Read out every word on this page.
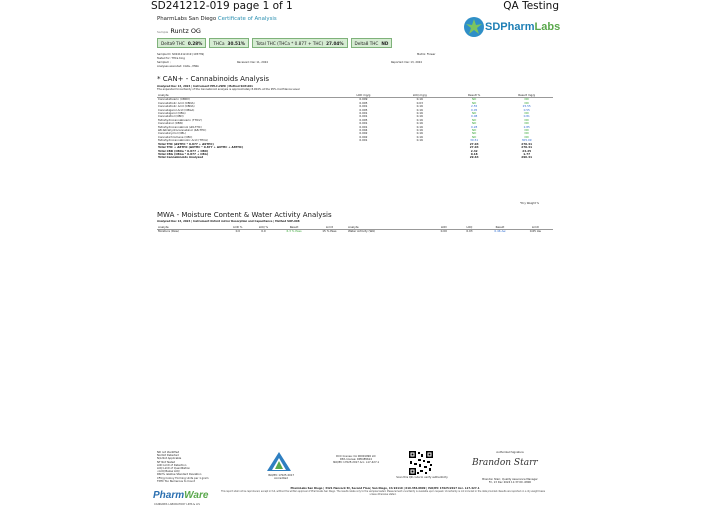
SD241212-019 page 1 of 1	QA Testing
PharmLabs San Diego Certificate of Analysis
Sample Runtz OG
Delta9 THC 0.28%	THCa 30.51%	Total THC (THCa * 0.877 + THC) 27.04%	Delta8 THC ND
SDPharmLabs
Sample ID: SD241212-019 (105739)
Tested for: THCa King
Sampled: ;
Analyses executed: CAN+, MWA
Matrix: Flower
Received: Dec 11, 2024	Reported: Dec 13, 2024
* CAN+ - Cannabinoids Analysis
Analyzed Dec 13, 2024 | Instrument HPLC-VWD | Method SOP-001
The expanded Uncertainty of the Cannabinoid analysis is approximately 8.904% at the 95% Confidence Level
Analyte	LOD mg/g	LOQ mg/g	Result %	Result mg/g
Cannabidivarin (CBDV)	0.009	0.16	ND	ND
Cannabidiolic Acid (CBDA)	0.005	0.03	ND	ND
Cannabidiolic Acid (CBDA)	0.001	0.16	2.55	25.55
Cannabigerol Acid (CBGA)	0.005	0.16	0.05	0.55
Cannabigerol (CBG)	0.001	0.16	ND	ND
Cannabidiol (CBD)	0.001	0.16	0.08	0.81
Tetrahydrocannabivarin (THCV)	0.005	0.16	ND	ND
Cannabinol (CBN)	0.001	0.16	ND	ND
Tetrahydrocannabinol (Δ9-THC)	0.001	0.16	0.28	2.85
Δ8-tetrahydrocannabinol (Δ8-THC)	0.004	0.16	ND	ND
Cannabicyclol (CBL)	0.002	0.16	ND	ND
Cannabichromene (CBC)	0.002	0.16	ND	ND
Tetrahydrocannabinolic Acid (THCA)	0.001	0.16	30.51	305.09
Total THC (Δ9THC * 0.877 + Δ9THC)			27.04	270.41
Total THC + Δ8THC (Δ9THC * 0.877 + Δ9THC + Δ8THC)			27.04	270.41
Total CBD (CBDa * 0.877 + CBD)			2.42	24.25
Total CBG (CBGa * 0.877 + CBG)			0.18	1.77
Total Cannabinoids Analyzed			29.64	296.41
*Dry Weight %
MWA - Moisture Content & Water Activity Analysis
Analyzed Dec 13, 2024 | Instrument Oxford mirror Desorption and Capacitance | Method SOP-008
Analyte	LOD %	LOQ %	Result	Limit
Moisture (Raw)	0.0	0.0	6.3 % Pass	15 % Pass
Analyte	LOD	LOQ	Result	Limit
Water Activity (WA)	0.00	0.03	0.46 Aw	0.65 Aw
ND not Identified
NA Not Detected
N/A Not Applicable
NT Not Tested
LOD Limit of Detection
LOQ Limit of Quantitation
<LOQ Below LOQ
RSD% relative Standard Deviation
CFU/g Colony Forming Units per 1 gram
TNTC Too Numerous to Count
PharmWare
CANNABIS LABORATORY LIMS & LIS
ISO/IEC 17025:2017 Accredited
DCC license: CA 00001996 LIC
DEA license: RP0485614
ISO/IEC 17025:2017 Acc. L17-427-1
Scan this QR code to verify authenticity
Authorized Signature
Brandon Starr
Brandon Starr, Quality Assurance Manager
Fri, 13 Dec 2024 11:37:00 -0800
PharmLabs San Diego | 3421 Hancock St, Second Floor, San Diego, CA 92110 | 619.356.0899 | ISO/IEC 17025:2017 Acc. L17-427-1
This report shall not be reproduced, except in full, without the written approval of PharmLabs San Diego. The results relate only to the samples tested. Measurement uncertainty is available upon request. Uncertainty is not included in the data provided. Results are reported on a dry weight basis unless otherwise stated.
